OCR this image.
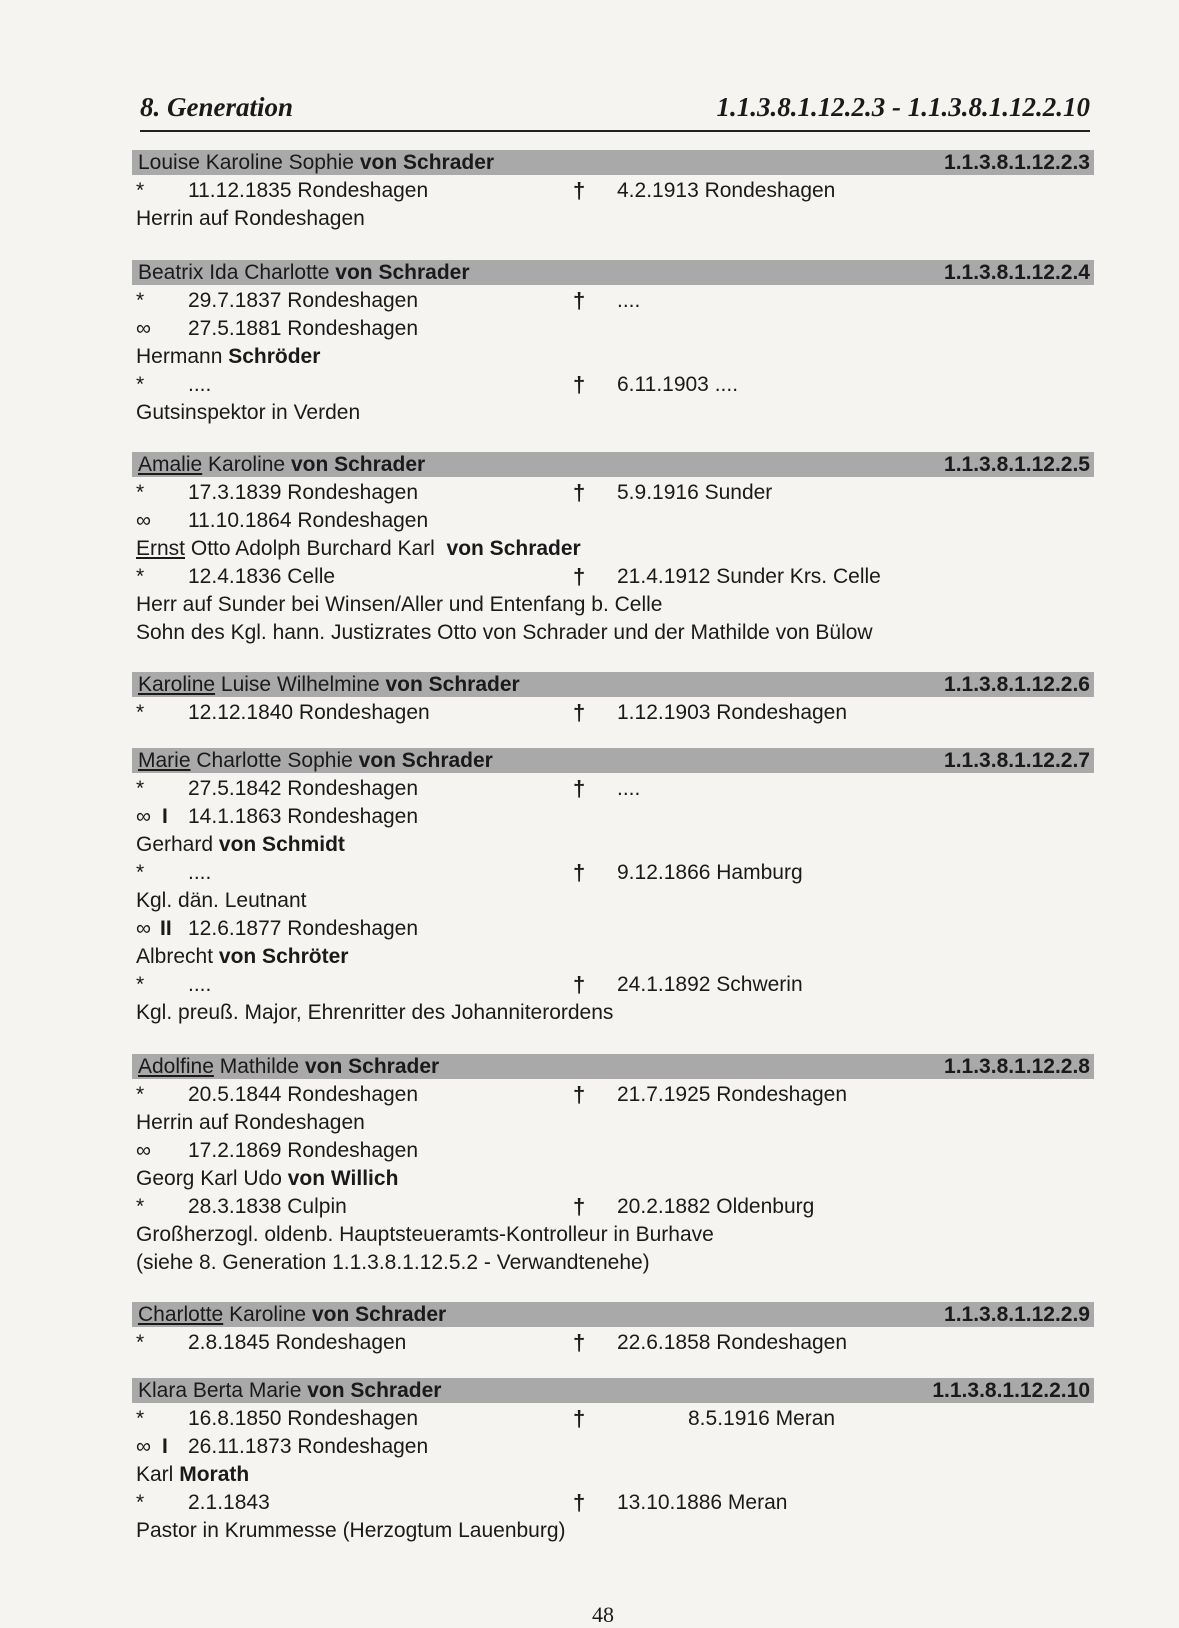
8. Generation	1.1.3.8.1.12.2.3 - 1.1.3.8.1.12.2.10
Louise Karoline Sophie von Schrader	1.1.3.8.1.12.2.3
* 11.12.1835 Rondeshagen	† 4.2.1913 Rondeshagen
Herrin auf Rondeshagen
Beatrix Ida Charlotte von Schrader	1.1.3.8.1.12.2.4
* 29.7.1837 Rondeshagen	† ....
∞ 27.5.1881 Rondeshagen
Hermann Schröder
* ....	† 6.11.1903 ....
Gutsinspektor in Verden
Amalie Karoline von Schrader	1.1.3.8.1.12.2.5
* 17.3.1839 Rondeshagen	† 5.9.1916 Sunder
∞ 11.10.1864 Rondeshagen
Ernst Otto Adolph Burchard Karl von Schrader
* 12.4.1836 Celle	† 21.4.1912 Sunder Krs. Celle
Herr auf Sunder bei Winsen/Aller und Entenfang b. Celle
Sohn des Kgl. hann. Justizrates Otto von Schrader und der Mathilde von Bülow
Karoline Luise Wilhelmine von Schrader	1.1.3.8.1.12.2.6
* 12.12.1840 Rondeshagen	† 1.12.1903 Rondeshagen
Marie Charlotte Sophie von Schrader	1.1.3.8.1.12.2.7
* 27.5.1842 Rondeshagen	† ....
∞ I 14.1.1863 Rondeshagen
Gerhard von Schmidt
* ....	† 9.12.1866 Hamburg
Kgl. dän. Leutnant
∞ II 12.6.1877 Rondeshagen
Albrecht von Schröter
* ....	† 24.1.1892 Schwerin
Kgl. preuß. Major, Ehrenritter des Johanniterordens
Adolfine Mathilde von Schrader	1.1.3.8.1.12.2.8
* 20.5.1844 Rondeshagen	† 21.7.1925 Rondeshagen
Herrin auf Rondeshagen
∞ 17.2.1869 Rondeshagen
Georg Karl Udo von Willich
* 28.3.1838 Culpin	† 20.2.1882 Oldenburg
Großherzogl. oldenb. Hauptsteueramts-Kontrolleur in Burhave
(siehe 8. Generation 1.1.3.8.1.12.5.2 - Verwandtenehe)
Charlotte Karoline von Schrader	1.1.3.8.1.12.2.9
* 2.8.1845 Rondeshagen	† 22.6.1858 Rondeshagen
Klara Berta Marie von Schrader	1.1.3.8.1.12.2.10
* 16.8.1850 Rondeshagen	†	8.5.1916 Meran
∞ I 26.11.1873 Rondeshagen
Karl Morath
* 2.1.1843	† 13.10.1886 Meran
Pastor in Krummesse (Herzogtum Lauenburg)
48
